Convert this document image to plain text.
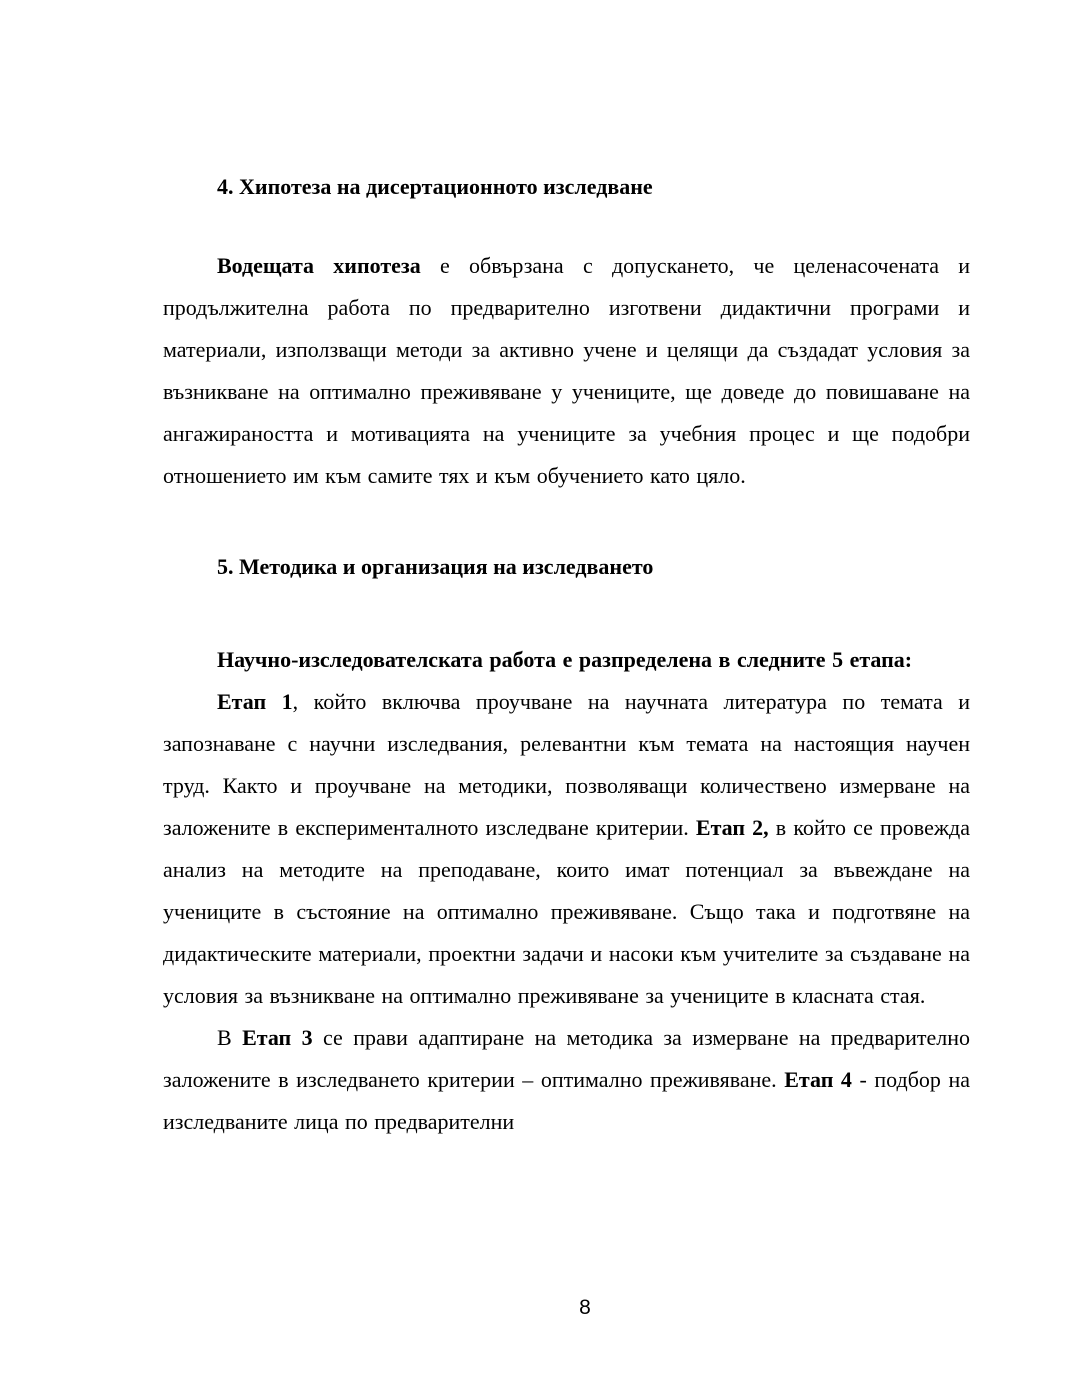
4. Хипотеза на дисертационното изследване
Водещата хипотеза е обвързана с допускането, че целенасочената и продължителна работа по предварително изготвени дидактични програми и материали, използващи методи за активно учене и целящи да създадат условия за възникване на оптимално преживяване у учениците, ще доведе до повишаване на ангажираността и мотивацията на учениците за учебния процес и ще подобри отношението им към самите тях и към обучението като цяло.
5. Методика и организация на изследването
Научно-изследователската работа е разпределена в следните 5 етапа:
Етап 1, който включва проучване на научната литература по темата и запознаване с научни изследвания, релевантни към темата на настоящия научен труд. Както и проучване на методики, позволяващи количествено измерване на заложените в експерименталното изследване критерии. Етап 2, в който се провежда анализ на методите на преподаване, които имат потенциал за въвеждане на учениците в състояние на оптимално преживяване. Също така и подготвяне на дидактическите материали, проектни задачи и насоки към учителите за създаване на условия за възникване на оптимално преживяване за учениците в класната стая.
В Етап 3 се прави адаптиране на методика за измерване на предварително заложените в изследването критерии – оптимално преживяване. Етап 4 - подбор на изследваните лица по предварителни
8
